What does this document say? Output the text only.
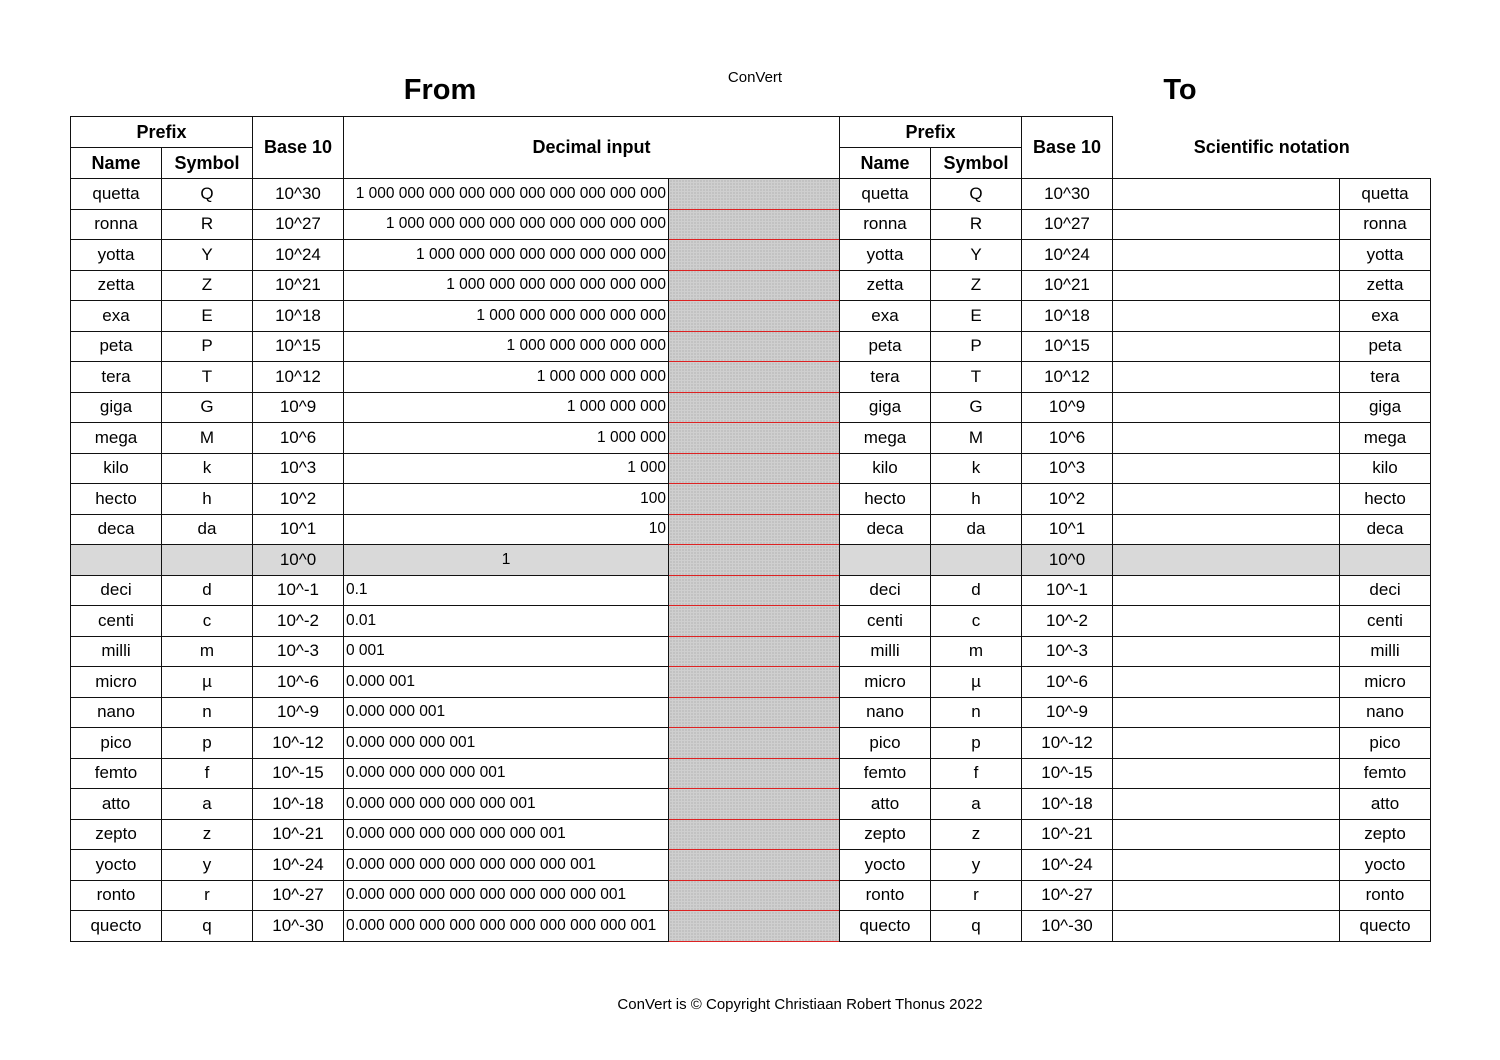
ConVert
From	To
Prefix		Base 10	Decimal input	
Name	Symbol			
quetta	Q	10^30	1 000 000 000 000 000 000 000 000 000 000	
ronna	R	10^27	1 000 000 000 000 000 000 000 000 000	
yotta	Y	10^24	1 000 000 000 000 000 000 000 000	
zetta	Z	10^21	1 000 000 000 000 000 000 000	
exa	E	10^18	1 000 000 000 000 000 000	
peta	P	10^15	1 000 000 000 000 000	
tera	T	10^12	1 000 000 000 000	
giga	G	10^9	1 000 000 000	
mega	M	10^6	1 000 000	
kilo	k	10^3	1 000	
hecto	h	10^2	100	
deca	da	10^1	10	
		10^0	1	
deci	d	10^-1	0.1	
centi	c	10^-2	0.01	
milli	m	10^-3	0 001	
micro	µ	10^-6	0.000 001	
nano	n	10^-9	0.000 000 001	
pico	p	10^-12	0.000 000 000 001	
femto	f	10^-15	0.000 000 000 000 001	
atto	a	10^-18	0.000 000 000 000 000 001	
zepto	z	10^-21	0.000 000 000 000 000 000 001	
yocto	y	10^-24	0.000 000 000 000 000 000 000 001	
ronto	r	10^-27	0.000 000 000 000 000 000 000 000 001	
quecto	q	10^-30	0.000 000 000 000 000 000 000 000 000 001	
Prefix		Base 10	Scientific notation	
Name	Symbol			
quetta	Q	10^30		quetta
ronna	R	10^27		ronna
yotta	Y	10^24		yotta
zetta	Z	10^21		zetta
exa	E	10^18		exa
peta	P	10^15		peta
tera	T	10^12		tera
giga	G	10^9		giga
mega	M	10^6		mega
kilo	k	10^3		kilo
hecto	h	10^2		hecto
deca	da	10^1		deca
		10^0		
deci	d	10^-1		deci
centi	c	10^-2		centi
milli	m	10^-3		milli
micro	µ	10^-6		micro
nano	n	10^-9		nano
pico	p	10^-12		pico
femto	f	10^-15		femto
atto	a	10^-18		atto
zepto	z	10^-21		zepto
yocto	y	10^-24		yocto
ronto	r	10^-27		ronto
quecto	q	10^-30		quecto
ConVert is © Copyright Christiaan Robert Thonus 2022
